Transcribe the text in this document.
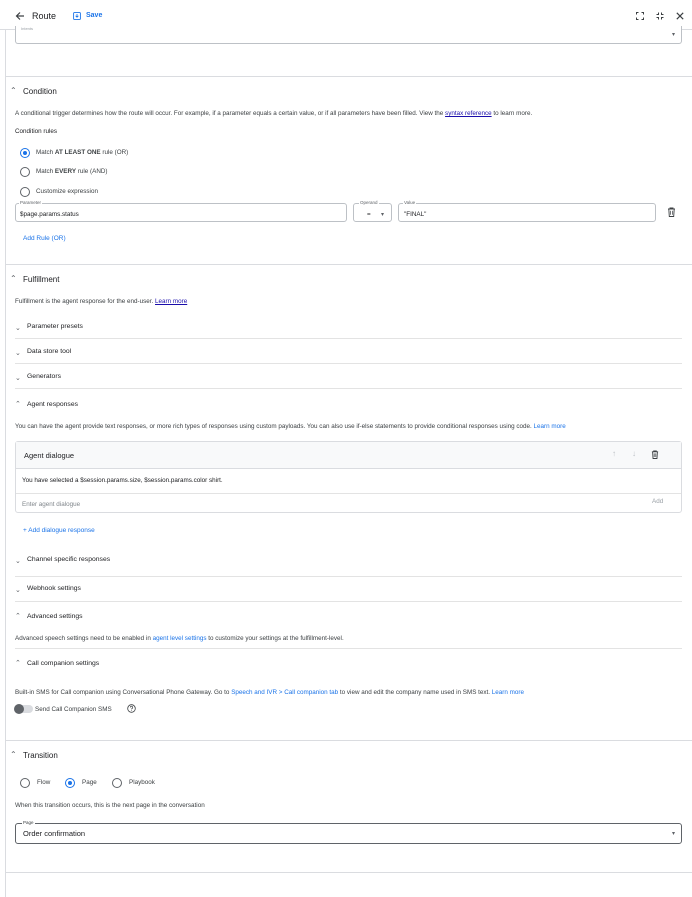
Route	Save
Intents
▾
⌃ Condition
A conditional trigger determines how the route will occur. For example, if a parameter equals a certain value, or if all parameters have been filled. View the syntax reference to learn more.
Condition rules
Match AT LEAST ONE rule (OR)
Match EVERY rule (AND)
Customize expression
Parameter
$page.params.status
Operand
= ▾
Value
"FINAL"
Add Rule (OR)
⌃ Fulfillment
Fulfillment is the agent response for the end-user. Learn more
⌄ Parameter presets
⌄ Data store tool
⌄ Generators
⌃ Agent responses
You can have the agent provide text responses, or more rich types of responses using custom payloads. You can also use if-else statements to provide conditional responses using code. Learn more
Agent dialogue	↑ ↓
You have selected a $session.params.size, $session.params.color shirt.
Enter agent dialogue	Add
+ Add dialogue response
⌄ Channel specific responses
⌄ Webhook settings
⌃ Advanced settings
Advanced speech settings need to be enabled in agent level settings to customize your settings at the fulfillment-level.
⌃ Call companion settings
Built-in SMS for Call companion using Conversational Phone Gateway. Go to Speech and IVR > Call companion tab to view and edit the company name used in SMS text. Learn more
Send Call Companion SMS
⌃ Transition
Flow	Page	Playbook
When this transition occurs, this is the next page in the conversation
Page
Order confirmation	▾
